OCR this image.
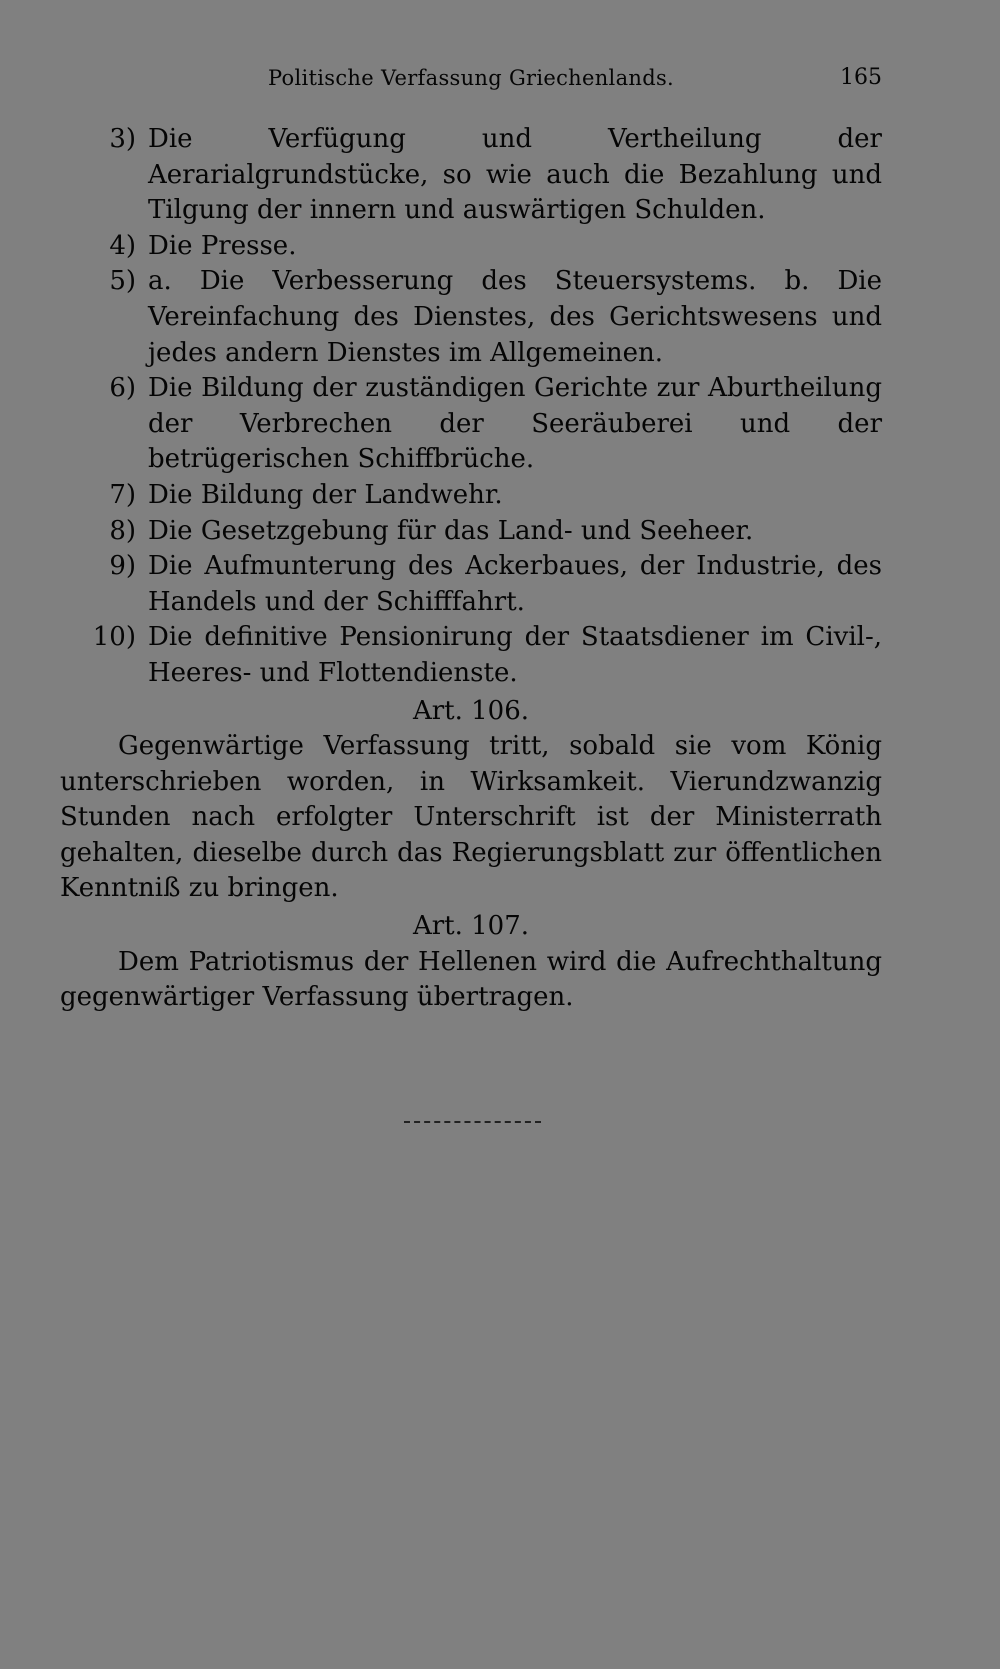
Politische Verfassung Griechenlands.	165
3) Die Verfügung und Vertheilung der Aerarialgrundstücke, so wie auch die Bezahlung und Tilgung der innern und auswärtigen Schulden.
4) Die Presse.
5) a. Die Verbesserung des Steuersystems. b. Die Vereinfachung des Dienstes, des Gerichtswesens und jedes andern Dienstes im Allgemeinen.
6) Die Bildung der zuständigen Gerichte zur Aburtheilung der Verbrechen der Seeräuberei und der betrügerischen Schiffbrüche.
7) Die Bildung der Landwehr.
8) Die Gesetzgebung für das Land- und Seeheer.
9) Die Aufmunterung des Ackerbaues, der Industrie, des Handels und der Schifffahrt.
10) Die definitive Pensionirung der Staatsdiener im Civil-, Heeres- und Flottendienste.
Art. 106.
Gegenwärtige Verfassung tritt, sobald sie vom König unterschrieben worden, in Wirksamkeit. Vierundzwanzig Stunden nach erfolgter Unterschrift ist der Ministerrath gehalten, dieselbe durch das Regierungsblatt zur öffentlichen Kenntniß zu bringen.
Art. 107.
Dem Patriotismus der Hellenen wird die Aufrechthaltung gegenwärtiger Verfassung übertragen.
